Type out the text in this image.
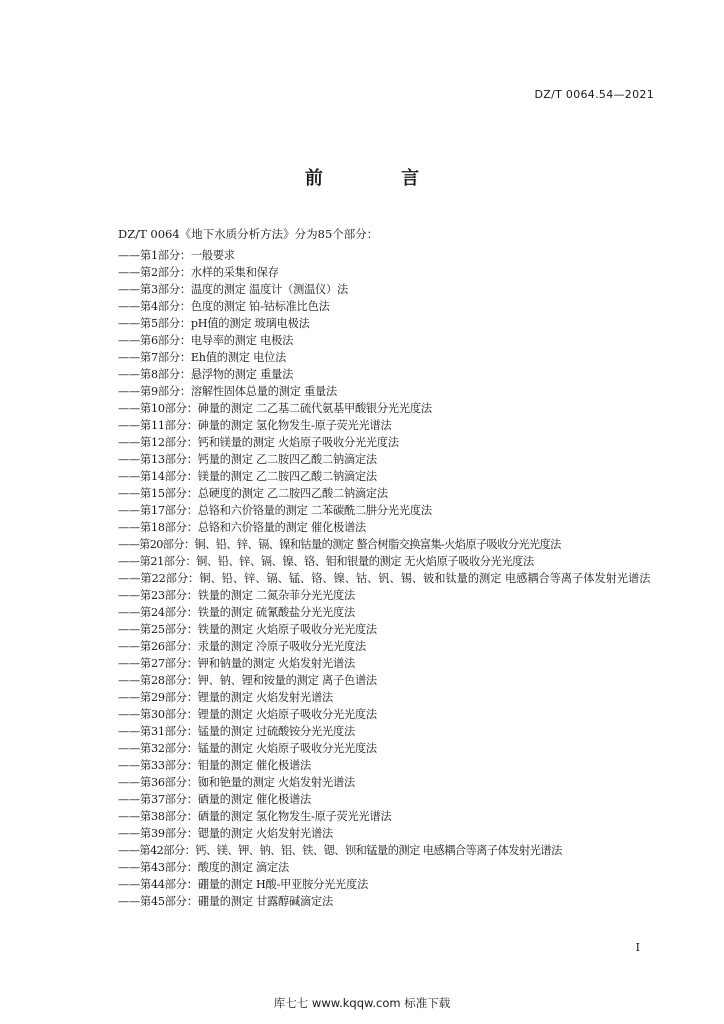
DZ/T 0064.54—2021
前 言
DZ/T 0064《地下水质分析方法》分为85个部分：
——第1部分：一般要求
——第2部分：水样的采集和保存
——第3部分：温度的测定 温度计（测温仪）法
——第4部分：色度的测定 铂-钴标准比色法
——第5部分：pH值的测定 玻璃电极法
——第6部分：电导率的测定 电极法
——第7部分：Eh值的测定 电位法
——第8部分：悬浮物的测定 重量法
——第9部分：溶解性固体总量的测定 重量法
——第10部分：砷量的测定 二乙基二硫代氨基甲酸银分光光度法
——第11部分：砷量的测定 氢化物发生-原子荧光光谱法
——第12部分：钙和镁量的测定 火焰原子吸收分光光度法
——第13部分：钙量的测定 乙二胺四乙酸二钠滴定法
——第14部分：镁量的测定 乙二胺四乙酸二钠滴定法
——第15部分：总硬度的测定 乙二胺四乙酸二钠滴定法
——第17部分：总铬和六价铬量的测定 二苯碳酰二肼分光光度法
——第18部分：总铬和六价铬量的测定 催化极谱法
——第20部分：铜、铅、锌、镉、镍和钴量的测定 螯合树脂交换富集-火焰原子吸收分光光度法
——第21部分：铜、铅、锌、镉、镍、铬、钼和银量的测定 无火焰原子吸收分光光度法
——第22部分：铜、铅、锌、镉、锰、铬、镍、钴、钒、锡、铍和钛量的测定 电感耦合等离子体发射光谱法
——第23部分：铁量的测定 二氮杂菲分光光度法
——第24部分：铁量的测定 硫氰酸盐分光光度法
——第25部分：铁量的测定 火焰原子吸收分光光度法
——第26部分：汞量的测定 冷原子吸收分光光度法
——第27部分：钾和钠量的测定 火焰发射光谱法
——第28部分：钾、钠、锂和铵量的测定 离子色谱法
——第29部分：锂量的测定 火焰发射光谱法
——第30部分：锂量的测定 火焰原子吸收分光光度法
——第31部分：锰量的测定 过硫酸铵分光光度法
——第32部分：锰量的测定 火焰原子吸收分光光度法
——第33部分：钼量的测定 催化极谱法
——第36部分：铷和铯量的测定 火焰发射光谱法
——第37部分：硒量的测定 催化极谱法
——第38部分：硒量的测定 氢化物发生-原子荧光光谱法
——第39部分：锶量的测定 火焰发射光谱法
——第42部分：钙、镁、钾、钠、铝、铁、锶、钡和锰量的测定 电感耦合等离子体发射光谱法
——第43部分：酸度的测定 滴定法
——第44部分：硼量的测定 H酸-甲亚胺分光光度法
——第45部分：硼量的测定 甘露醇碱滴定法
I
库七七 www.kqqw.com 标准下载
